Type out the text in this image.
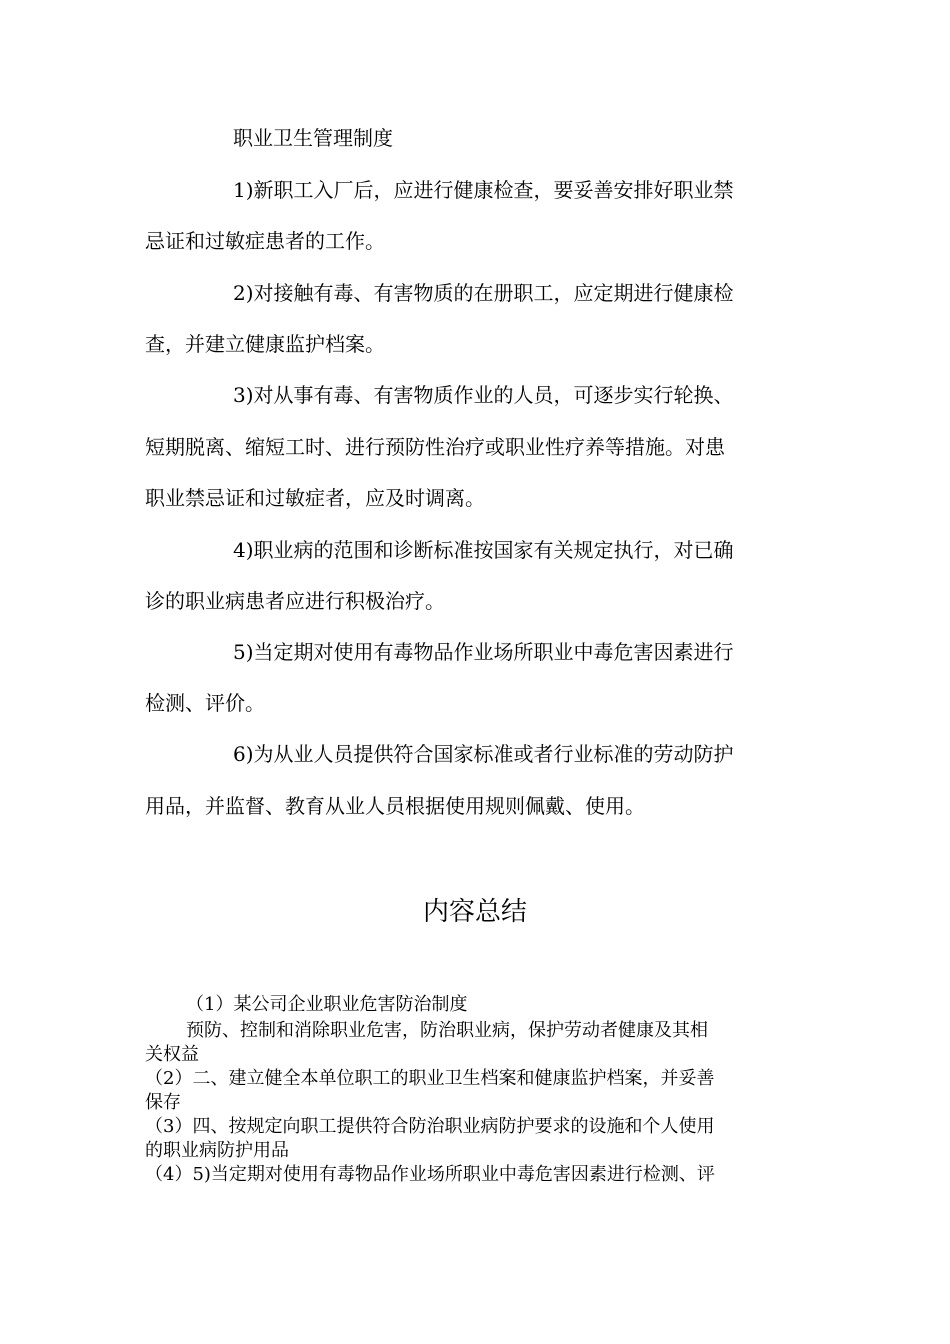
职业卫生管理制度
1)新职工入厂后，应进行健康检查，要妥善安排好职业禁
忌证和过敏症患者的工作。
2)对接触有毒、有害物质的在册职工，应定期进行健康检
查，并建立健康监护档案。
3)对从事有毒、有害物质作业的人员，可逐步实行轮换、
短期脱离、缩短工时、进行预防性治疗或职业性疗养等措施。对患
职业禁忌证和过敏症者，应及时调离。
4)职业病的范围和诊断标准按国家有关规定执行，对已确
诊的职业病患者应进行积极治疗。
5)当定期对使用有毒物品作业场所职业中毒危害因素进行
检测、评价。
6)为从业人员提供符合国家标准或者行业标准的劳动防护
用品，并监督、教育从业人员根据使用规则佩戴、使用。
内容总结
（1）某公司企业职业危害防治制度
预防、控制和消除职业危害，防治职业病，保护劳动者健康及其相
关权益
（2）二、建立健全本单位职工的职业卫生档案和健康监护档案，并妥善
保存
（3）四、按规定向职工提供符合防治职业病防护要求的设施和个人使用
的职业病防护用品
（4）5)当定期对使用有毒物品作业场所职业中毒危害因素进行检测、评
